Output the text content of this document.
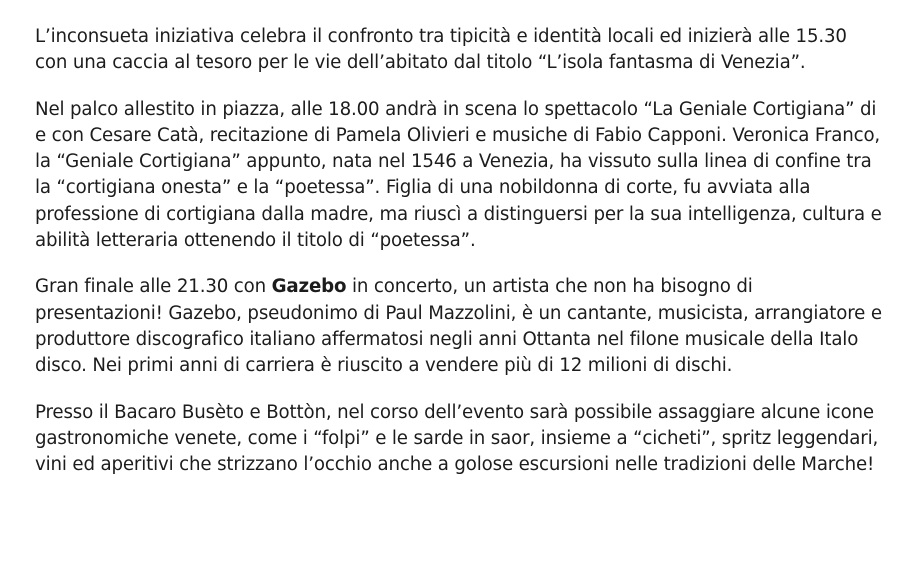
L’inconsueta iniziativa celebra il confronto tra tipicità e identità locali ed inizierà alle 15.30 con una caccia al tesoro per le vie dell’abitato dal titolo “L’isola fantasma di Venezia”.

Nel palco allestito in piazza, alle 18.00 andrà in scena lo spettacolo “La Geniale Cortigiana” di e con Cesare Catà, recitazione di Pamela Olivieri e musiche di Fabio Capponi. Veronica Franco, la “Geniale Cortigiana” appunto, nata nel 1546 a Venezia, ha vissuto sulla linea di confine tra la “cortigiana onesta” e la “poetessa”. Figlia di una nobildonna di corte, fu avviata alla professione di cortigiana dalla madre, ma riuscì a distinguersi per la sua intelligenza, cultura e abilità letteraria ottenendo il titolo di “poetessa”.

Gran finale alle 21.30 con Gazebo in concerto, un artista che non ha bisogno di presentazioni! Gazebo, pseudonimo di Paul Mazzolini, è un cantante, musicista, arrangiatore e produttore discografico italiano affermatosi negli anni Ottanta nel filone musicale della Italo disco. Nei primi anni di carriera è riuscito a vendere più di 12 milioni di dischi.

Presso il Bacaro Busèto e Bottòn, nel corso dell’evento sarà possibile assaggiare alcune icone gastronomiche venete, come i “folpi” e le sarde in saor, insieme a “cicheti”, spritz leggendari, vini ed aperitivi che strizzano l’occhio anche a golose escursioni nelle tradizioni delle Marche!
